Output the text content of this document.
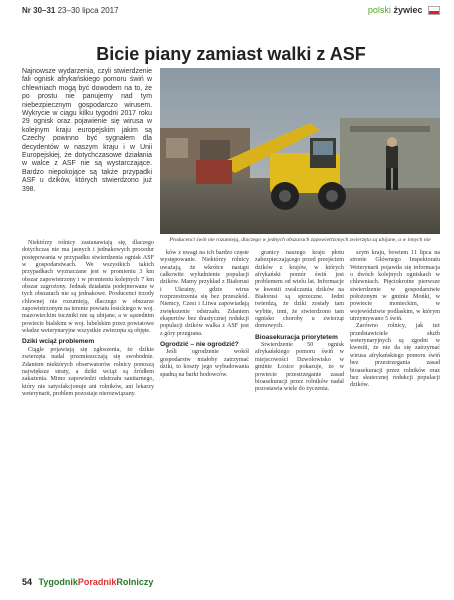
Nr 30–31 23–30 lipca 2017	polski żywiec
Bicie piany zamiast walki z ASF
Najnowsze wydarzenia, czyli stwierdzenie fali ognisk afrykańskiego pomoru świń w chlewniach mogą być dowodem na to, że po prostu nie panujemy nad tym niebezpiecznym gospodarczo wirusem. Wykrycie w ciągu kilku tygodni 2017 roku 29 ognisk oraz pojawienie się wirusa w kolejnym kraju europejskim jakim są Czechy powinno być sygnałem dla decydentów w naszym kraju i w Unii Europejskiej, że dotychczasowe działania w walce z ASF nie są wystarczające. Bardzo niepokojące są także przypadki ASF u dzików, których stwierdzono już 398.
Producenci świń nie rozumieją, dlaczego w jednych obszarach zapowietrzonych zwierzęta są ubijane, a w innych nie

Niektórzy rolnicy zastanawiają się, dlaczego dotychczas nie ma jasnych i jednakowych procedur postępowania w przypadku stwierdzenia ognisk ASF w gospodarstwach. We wszystkich takich przypadkach wyznaczane jest w promieniu 3 km obszar zapowietrzony i w promieniu kolejnych 7 km obszar zagrożony. Jednak działania podejmowane w tych obszarach nie są jednakowe. Producenci trzody chlewnej nie rozumieją, dlaczego w obszarze zapowietrzonym na terenie powiatu łosickiego w woj. mazowieckim tuczniki nie są ubijane, a w sąsiednim powiecie bialskim w woj. lubelskim przez powiatowe władze weterynaryjne wszystkie zwierzęta są objęte.

Dziki wciąż problemem

Ciągle pojawiają się zgłoszenia, że dzikie zwierzęta nadal przemieszczają się swobodnie. Zdaniem niektórych obserwatorów rolnicy ponoszą największe straty, a dziki wciąż są źródłem zakażenia. Mimo zapowiedzi odstrzału sanitarnego, który nie satysfakcjonuje ani rolników, ani lekarzy weterynarii, problem pozostaje nierozwiązany.

ków z uwagi na ich bardzo częste występowanie. Niektórzy rolnicy uważają, że wkrótce nastąpi całkowite wyludnienie populacji dzików. Mamy przykład z Białorusi i Ukrainy, gdzie wirus rozprzestrzenia się bez przeszkód. Niemcy, Czesi i Litwa zapowiadają zwiększenie odstrzału. Zdaniem ekspertów bez drastycznej redukcji populacji dzików walka z ASF jest z góry przegrana.

Ogrodzić – nie ogrodzić?

Jeśli ogrodzenie wokół gospodarstw miałoby zatrzymać dziki, to koszty jego wybudowania spadną na barki hodowców.

granicy naszego kraju płotu zabezpieczającego przed przejściem dzików z krajów, w których afrykański pomór świń jest problemem od wielu lat. Informacje w kwestii zwalczania dzików na Białorusi są sprzeczne. Jedni twierdzą, że dziki zostały tam wybite, inni, że stwierdzono tam ognisko choroby u zwierząt domowych.

Bioasekuracja priorytetem

Stwierdzenie 50 ognisk afrykańskiego pomoru świń w miejscowości Dzwolowisko w gminie Łosice pokazuje, że w powiecie przestrzeganie zasad bioasekuracji przez rolników nadal pozostawia wiele do życzenia.

szym kraju, bowiem 11 lipca na stronie Głównego Inspektoratu Weterynarii pojawiła się informacja o dwóch kolejnych ogniskach w chlewniach. Pięciokrotne pierwsze stwierdzenie w gospodarstwie położonym w gminie Mońki, w powiecie monieckim, w województwie podlaskim, w którym utrzymywano 5 świń.

Zarówno rolnicy, jak też przedstawiciele służb weterynaryjnych są zgodni w kwestii, że nie da się zatrzymać wirusa afrykańskiego pomoru świń bez przestrzegania zasad bioasekuracji przez rolników oraz bez skutecznej redukcji populacji dzików.

54 TygodnikPoradnikRolniczy
